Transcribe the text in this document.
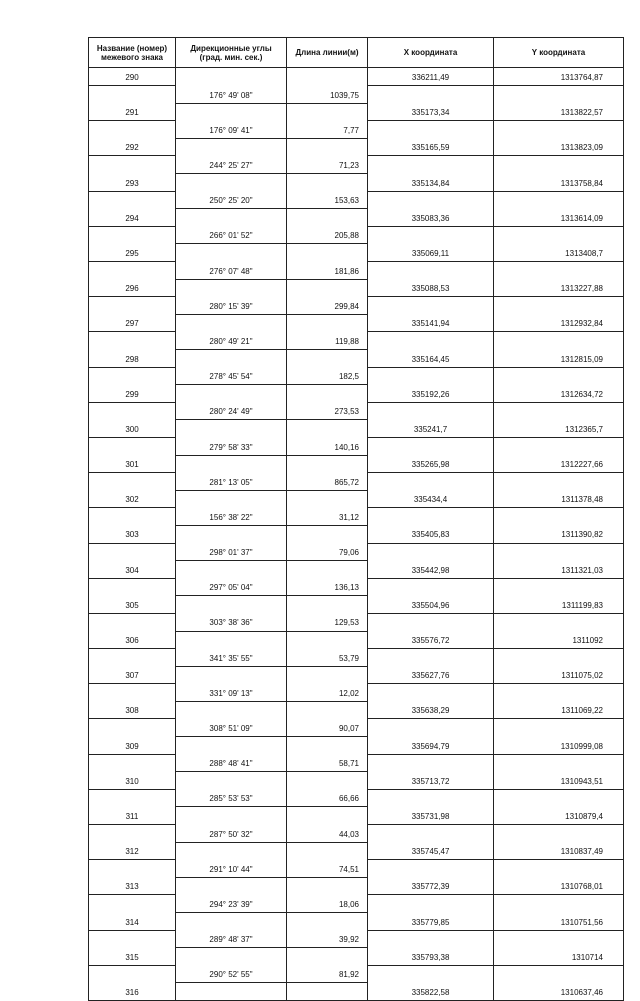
Название (номер) межевого знака	Дирекционные углы (град. мин. сек.)	Длина линии(м)	X координата	Y координата
290			336211,49	1313764,87
	176° 49' 08"	1039,75		
291			335173,34	1313822,57
	176° 09' 41"	7,77		
292			335165,59	1313823,09
	244° 25' 27"	71,23		
293			335134,84	1313758,84
	250° 25' 20"	153,63		
294			335083,36	1313614,09
	266° 01' 52"	205,88		
295			335069,11	1313408,7
	276° 07' 48"	181,86		
296			335088,53	1313227,88
	280° 15' 39"	299,84		
297			335141,94	1312932,84
	280° 49' 21"	119,88		
298			335164,45	1312815,09
	278° 45' 54"	182,5		
299			335192,26	1312634,72
	280° 24' 49"	273,53		
300			335241,7	1312365,7
	279° 58' 33"	140,16		
301			335265,98	1312227,66
	281° 13' 05"	865,72		
302			335434,4	1311378,48
	156° 38' 22"	31,12		
303			335405,83	1311390,82
	298° 01' 37"	79,06		
304			335442,98	1311321,03
	297° 05' 04"	136,13		
305			335504,96	1311199,83
	303° 38' 36"	129,53		
306			335576,72	1311092
	341° 35' 55"	53,79		
307			335627,76	1311075,02
	331° 09' 13"	12,02		
308			335638,29	1311069,22
	308° 51' 09"	90,07		
309			335694,79	1310999,08
	288° 48' 41"	58,71		
310			335713,72	1310943,51
	285° 53' 53"	66,66		
311			335731,98	1310879,4
	287° 50' 32"	44,03		
312			335745,47	1310837,49
	291° 10' 44"	74,51		
313			335772,39	1310768,01
	294° 23' 39"	18,06		
314			335779,85	1310751,56
	289° 48' 37"	39,92		
315			335793,38	1310714
	290° 52' 55"	81,92		
316			335822,58	1310637,46
